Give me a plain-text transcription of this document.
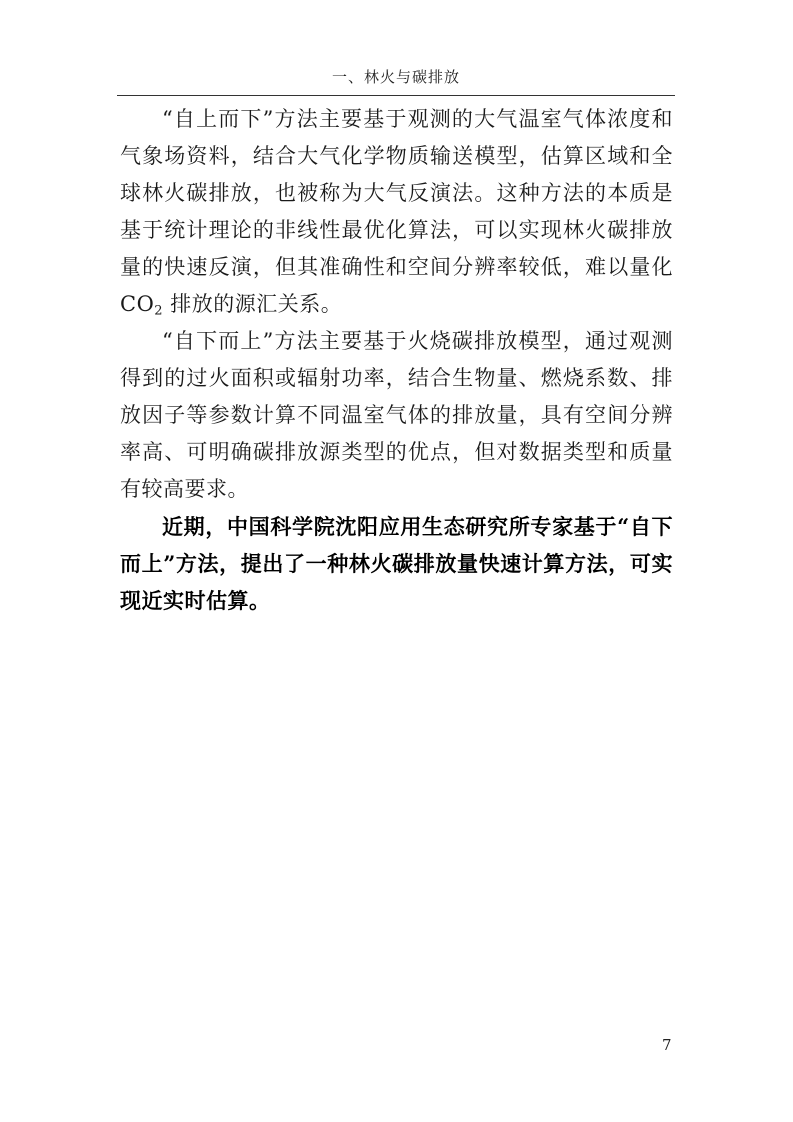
一、林火与碳排放

“自上而下”方法主要基于观测的大气温室气体浓度和气象场资料，结合大气化学物质输送模型，估算区域和全球林火碳排放，也被称为大气反演法。这种方法的本质是基于统计理论的非线性最优化算法，可以实现林火碳排放量的快速反演，但其准确性和空间分辨率较低，难以量化 $CO_2$ 排放的源汇关系。

“自下而上”方法主要基于火烧碳排放模型，通过观测得到的过火面积或辐射功率，结合生物量、燃烧系数、排放因子等参数计算不同温室气体的排放量，具有空间分辨率高、可明确碳排放源类型的优点，但对数据类型和质量有较高要求。

近期，中国科学院沈阳应用生态研究所专家基于“自下而上”方法，提出了一种林火碳排放量快速计算方法，可实现近实时估算。

7
